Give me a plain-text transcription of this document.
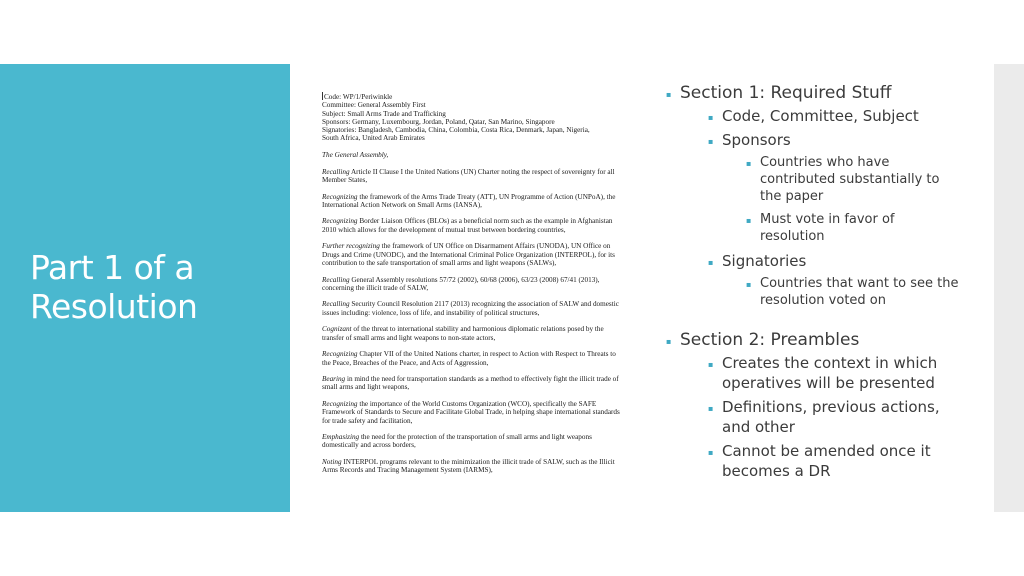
Part 1 of a Resolution
Code: WP/1/Periwinkle
Committee: General Assembly First
Subject: Small Arms Trade and Trafficking
Sponsors: Germany, Luxembourg, Jordan, Poland, Qatar, San Marino, Singapore
Signatories: Bangladesh, Cambodia, China, Colombia, Costa Rica, Denmark, Japan, Nigeria,
South Africa, United Arab Emirates

The General Assembly,

Recalling Article II Clause I the United Nations (UN) Charter noting the respect of sovereignty for all Member States,

Recognizing the framework of the Arms Trade Treaty (ATT), UN Programme of Action (UNPoA), the International Action Network on Small Arms (IANSA),

Recognizing Border Liaison Offices (BLOs) as a beneficial norm such as the example in Afghanistan 2010 which allows for the development of mutual trust between bordering countries,

Further recognizing the framework of UN Office on Disarmament Affairs (UNODA), UN Office on Drugs and Crime (UNODC), and the International Criminal Police Organization (INTERPOL), for its contribution to the safe transportation of small arms and light weapons (SALWs),

Recalling General Assembly resolutions 57/72 (2002), 60/68 (2006), 63/23 (2008) 67/41 (2013), concerning the illicit trade of SALW,

Recalling Security Council Resolution 2117 (2013) recognizing the association of SALW and domestic issues including: violence, loss of life, and instability of political structures,

Cognizant of the threat to international stability and harmonious diplomatic relations posed by the transfer of small arms and light weapons to non-state actors,

Recognizing Chapter VII of the United Nations charter, in respect to Action with Respect to Threats to the Peace, Breaches of the Peace, and Acts of Aggression,

Bearing in mind the need for transportation standards as a method to effectively fight the illicit trade of small arms and light weapons,

Recognizing the importance of the World Customs Organization (WCO), specifically the SAFE Framework of Standards to Secure and Facilitate Global Trade, in helping shape international standards for trade safety and facilitation,

Emphasizing the need for the protection of the transportation of small arms and light weapons domestically and across borders,

Noting INTERPOL programs relevant to the minimization the illicit trade of SALW, such as the Illicit Arms Records and Tracing Management System (IARMS),

▪ Section 1: Required Stuff
▪ Code, Committee, Subject
▪ Sponsors
▪ Countries who have contributed substantially to the paper
▪ Must vote in favor of resolution
▪ Signatories
▪ Countries that want to see the resolution voted on
▪ Section 2: Preambles
▪ Creates the context in which operatives will be presented
▪ Definitions, previous actions, and other
▪ Cannot be amended once it becomes a DR
